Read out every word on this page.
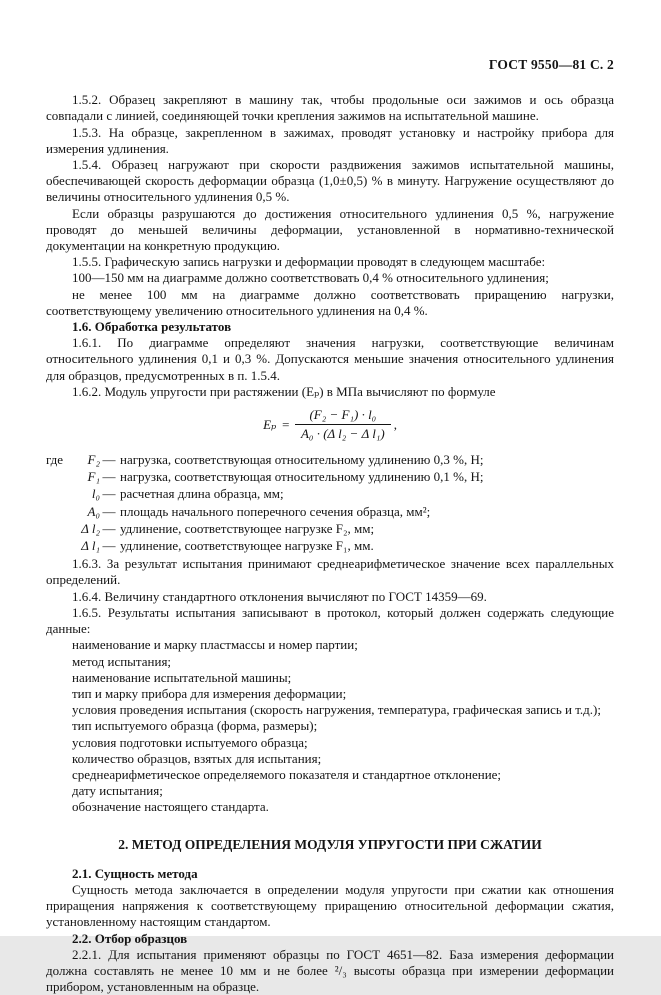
ГОСТ 9550—81 С. 2

1.5.2. Образец закрепляют в машину так, чтобы продольные оси зажимов и ось образца совпадали с линией, соединяющей точки крепления зажимов на испытательной машине.

1.5.3. На образце, закрепленном в зажимах, проводят установку и настройку прибора для измерения удлинения.

1.5.4. Образец нагружают при скорости раздвижения зажимов испытательной машины, обеспечивающей скорость деформации образца (1,0±0,5) % в минуту. Нагружение осуществляют до величины относительного удлинения 0,5 %.

Если образцы разрушаются до достижения относительного удлинения 0,5 %, нагружение проводят до меньшей величины деформации, установленной в нормативно-технической документации на конкретную продукцию.

1.5.5. Графическую запись нагрузки и деформации проводят в следующем масштабе:

100—150 мм на диаграмме должно соответствовать 0,4 % относительного удлинения;

не менее 100 мм на диаграмме должно соответствовать приращению нагрузки, соответствующему увеличению относительного удлинения на 0,4 %.

1.6. Обработка результатов

1.6.1. По диаграмме определяют значения нагрузки, соответствующие величинам относительного удлинения 0,1 и 0,3 %. Допускаются меньшие значения относительного удлинения для образцов, предусмотренных в п. 1.5.4.

1.6.2. Модуль упругости при растяжении (Eₚ) в МПа вычисляют по формуле

$E_p = \frac{\text{(F₂ − F₁) · l₀}}{\text{A₀ · (Δ l₂ − Δ l₁)}}$ ,
где	F₂ — нагрузка, соответствующая относительному удлинению 0,3 %, Н;
F₁ — нагрузка, соответствующая относительному удлинению 0,1 %, Н;
l₀ — расчетная длина образца, мм;
A₀ — площадь начального поперечного сечения образца, мм²;
Δ l₂ — удлинение, соответствующее нагрузке F₂, мм;
Δ l₁ — удлинение, соответствующее нагрузке F₁, мм.

1.6.3. За результат испытания принимают среднеарифметическое значение всех параллельных определений.

1.6.4. Величину стандартного отклонения вычисляют по ГОСТ 14359—69.

1.6.5. Результаты испытания записывают в протокол, который должен содержать следующие данные:

наименование и марку пластмассы и номер партии;
метод испытания;
наименование испытательной машины;
тип и марку прибора для измерения деформации;
условия проведения испытания (скорость нагружения, температура, графическая запись и т.д.);
тип испытуемого образца (форма, размеры);
условия подготовки испытуемого образца;
количество образцов, взятых для испытания;
среднеарифметическое определяемого показателя и стандартное отклонение;
дату испытания;
обозначение настоящего стандарта.
2. МЕТОД ОПРЕДЕЛЕНИЯ МОДУЛЯ УПРУГОСТИ ПРИ СЖАТИИ

2.1. Сущность метода

Сущность метода заключается в определении модуля упругости при сжатии как отношения приращения напряжения к соответствующему приращению относительной деформации сжатия, установленному настоящим стандартом.

2.2. Отбор образцов

2.2.1. Для испытания применяют образцы по ГОСТ 4651—82. База измерения деформации должна составлять не менее 10 мм и не более ²/₃ высоты образца при измерении деформации прибором, установленным на образце.
